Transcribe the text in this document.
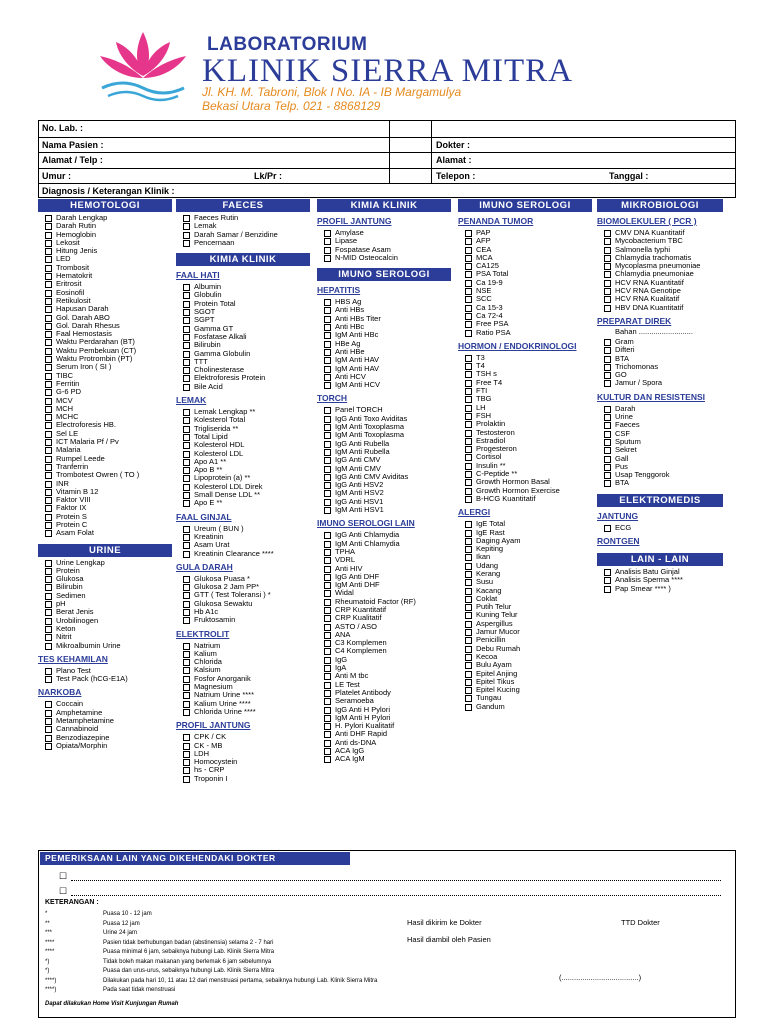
LABORATORIUM
KLINIK SIERRA MITRA
Jl. KH. M. Tabroni, Blok I No. IA - IB Margamulya
Bekasi Utara Telp. 021 - 8868129
No. Lab. :
Nama Pasien :	Dokter :
Alamat / Telp :	Alamat :
Umur :	Lk/Pr :	Telepon :	Tanggal :
Diagnosis / Keterangan Klinik :
HEMOTOLOGI
Darah Lengkap
Darah Rutin
Hemoglobin
Lekosit
Hitung Jenis
LED
Trombosit
Hematokrit
Eritrosit
Eosinofil
Retikulosit
Hapusan Darah
Gol. Darah ABO
Gol. Darah Rhesus
Faal Hemostasis
Waktu Perdarahan (BT)
Waktu Pembekuan (CT)
Waktu Protrombin (PT)
Serum Iron ( SI )
TIBC
Ferritin
G-6 PD
MCV
MCH
MCHC
Electroforesis HB.
Sel LE
ICT Malaria Pf / Pv
Malaria
Rumpel Leede
Tranferrin
Trombotest Owren ( TO )
INR
Vitamin B 12
Faktor VIII
Faktor IX
Protein S
Protein C
Asam Folat
URINE
Urine Lengkap
Protein
Glukosa
Bilirubin
Sedimen
pH
Berat Jenis
Urobilinogen
Keton
Nitrit
Mikroalbumin Urine
TES KEHAMILAN
Plano Test
Test Pack (hCG-E1A)
NARKOBA
Coccain
Amphetamine
Metamphetamine
Cannabinoid
Benzodiazepine
Opiata/Morphin
FAECES
Faeces Rutin
Lemak
Darah Samar / Benzidine
Pencernaan
KIMIA KLINIK
FAAL HATI
Albumin
Globulin
Protein Total
SGOT
SGPT
Gamma GT
Fosfatase Alkali
Bilirubin
Gamma Globulin
TTT
Cholinesterase
Elektroforesis Protein
Bile Acid
LEMAK
Lemak Lengkap **
Kolesterol Total
Trigliserida **
Total Lipid
Kolesterol HDL
Kolesterol LDL
Apo A1 **
Apo B **
Lipoprotein (a) **
Kolesterol LDL Direk
Small Dense LDL **
Apo E **
FAAL GINJAL
Ureum ( BUN )
Kreatinin
Asam Urat
Kreatinin Clearance ****
GULA DARAH
Glukosa Puasa *
Glukosa 2 Jam PP*
GTT ( Test Toleransi ) *
Glukosa Sewaktu
Hb A1c
Fruktosamin
ELEKTROLIT
Natrium
Kalium
Chlorida
Kalsium
Fosfor Anorganik
Magnesium
Natrium Urine ****
Kalium Urine ****
Chlorida Urine ****
PROFIL JANTUNG
CPK / CK
CK - MB
LDH
Homocystein
hs - CRP
Troponin I
KIMIA KLINIK
PROFIL JANTUNG
Amylase
Lipase
Fospatase Asam
N-MID Osteocalcin
IMUNO SEROLOGI
HEPATITIS
HBS Ag
Anti HBs
Anti HBs Titer
Anti HBc
IgM Anti HBc
HBe Ag
Anti HBe
IgM Anti HAV
IgM Anti HAV
Anti HCV
IgM Anti HCV
TORCH
Panel TORCH
IgG Anti Toxo Aviditas
IgM Anti Toxoplasma
IgM Anti Toxoplasma
IgG Anti Rubella
IgM Anti Rubella
IgG Anti CMV
IgM Anti CMV
IgG Anti CMV Aviditas
IgG Anti HSV2
IgM Anti HSV2
IgG Anti HSV1
IgM Anti HSV1
IMUNO SEROLOGI LAIN
IgG Anti Chlamydia
IgM Anti Chlamydia
TPHA
VDRL
Anti HIV
IgG Anti DHF
IgM Anti DHF
Widal
Rheumatoid Factor (RF)
CRP Kuantitatif
CRP Kualitatif
ASTO / ASO
ANA
C3 Komplemen
C4 Komplemen
IgG
IgA
Anti M tbc
LE Test
Platelet Antibody
Seramoeba
IgG Anti H Pylori
IgM Anti H Pylori
H. Pylori Kualitatif
Anti DHF Rapid
Anti ds-DNA
ACA IgG
ACA IgM
IMUNO SEROLOGI
PENANDA TUMOR
PAP
AFP
CEA
MCA
CA125
PSA Total
Ca 19-9
NSE
SCC
Ca 15-3
Ca 72-4
Free PSA
Ratio PSA
HORMON / ENDOKRINOLOGI
T3
T4
TSH s
Free T4
FTI
TBG
LH
FSH
Prolaktin
Testosteron
Estradiol
Progesteron
Cortisol
Insulin **
C-Peptide **
Growth Hormon Basal
Growth Hormon Exercise
B-HCG Kuantitatif
ALERGI
IgE Total
IgE Rast
Daging Ayam
Kepiting
Ikan
Udang
Kerang
Susu
Kacang
Coklat
Putih Telur
Kuning Telur
Aspergillus
Jamur Mucor
Penicillin
Debu Rumah
Kecoa
Bulu Ayam
Epitel Anjing
Epitel Tikus
Epitel Kucing
Tungau
Gandum
MIKROBIOLOGI
BIOMOLEKULER ( PCR )
CMV DNA Kuantitatif
Mycobacterium TBC
Salmonella typhi
Chlamydia trachomatis
Mycoplasma pneumoniae
Chlamydia pneumoniae
HCV RNA Kuantitatif
HCV RNA Genotipe
HCV RNA Kualitatif
HBV DNA Kuantitatif
PREPARAT DIREK
Bahan ..........................
Gram
Difteri
BTA
Trichomonas
GO
Jamur / Spora
KULTUR DAN RESISTENSI
Darah
Urine
Faeces
CSF
Sputum
Sekret
Gall
Pus
Usap Tenggorok
BTA
ELEKTROMEDIS
JANTUNG
ECG
RONTGEN
LAIN - LAIN
Analisis Batu Ginjal
Analisis Sperma ****
Pap Smear **** )
PEMERIKSAAN LAIN YANG DIKEHENDAKI DOKTER
☐
☐
KETERANGAN :
*	Puasa 10 - 12 jam
**	Puasa 12 jam
***	Urine 24 jam
****	Pasien tidak berhubungan badan (abstinensia) selama 2 - 7 hari
****	Puasa minimal 6 jam, sebaiknya hubungi Lab. Klinik Sierra Mitra
*)	Tidak boleh makan makanan yang berlemak 6 jam sebelumnya
*)	Puasa dan urus-urus, sebaiknya hubungi Lab. Klinik Sierra Mitra
****)	Dilakukan pada hari 10, 11 atau 12 dari menstruasi pertama, sebaiknya hubungi Lab. Klinik Sierra Mitra
****)	Pada saat tidak menstruasi
Dapat dilakukan Home Visit Kunjungan Rumah
Hasil dikirim ke Dokter
Hasil diambil oleh Pasien
TTD Dokter
(.....................................)
